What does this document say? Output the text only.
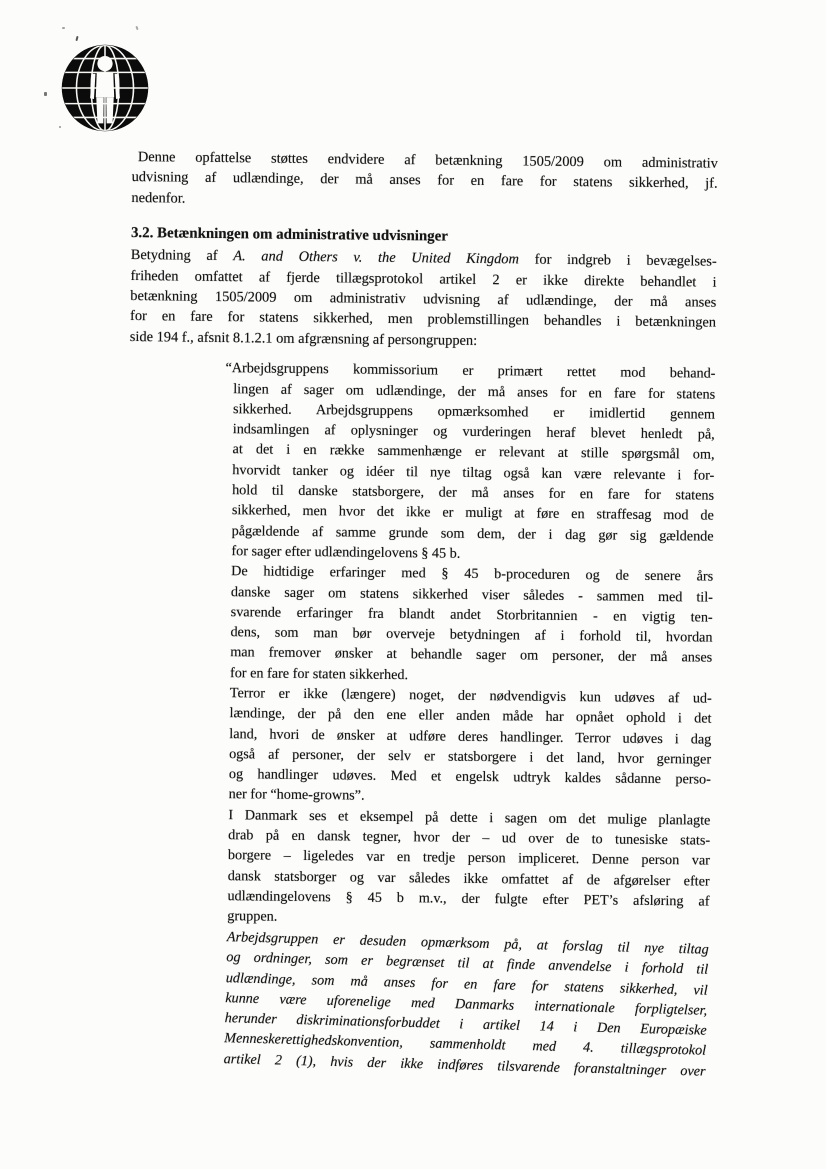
Denne opfattelse støttes endvidere af betænkning 1505/2009 om administrativ
udvisning af udlændinge, der må anses for en fare for statens sikkerhed, jf.
nedenfor.
3.2. Betænkningen om administrative udvisninger
Betydning af A. and Others v. the United Kingdom for indgreb i bevægelses-
friheden omfattet af fjerde tillægsprotokol artikel 2 er ikke direkte behandlet i
betænkning 1505/2009 om administrativ udvisning af udlændinge, der må anses
for en fare for statens sikkerhed, men problemstillingen behandles i betænkningen
side 194 f., afsnit 8.1.2.1 om afgrænsning af persongruppen:
“Arbejdsgruppens kommissorium er primært rettet mod behand-
lingen af sager om udlændinge, der må anses for en fare for statens
sikkerhed. Arbejdsgruppens opmærksomhed er imidlertid gennem
indsamlingen af oplysninger og vurderingen heraf blevet henledt på,
at det i en række sammenhænge er relevant at stille spørgsmål om,
hvorvidt tanker og idéer til nye tiltag også kan være relevante i for-
hold til danske statsborgere, der må anses for en fare for statens
sikkerhed, men hvor det ikke er muligt at føre en straffesag mod de
pågældende af samme grunde som dem, der i dag gør sig gældende
for sager efter udlændingelovens § 45 b.
De hidtidige erfaringer med § 45 b-proceduren og de senere års
danske sager om statens sikkerhed viser således - sammen med til-
svarende erfaringer fra blandt andet Storbritannien - en vigtig ten-
dens, som man bør overveje betydningen af i forhold til, hvordan
man fremover ønsker at behandle sager om personer, der må anses
for en fare for staten sikkerhed.
Terror er ikke (længere) noget, der nødvendigvis kun udøves af ud-
lændinge, der på den ene eller anden måde har opnået ophold i det
land, hvori de ønsker at udføre deres handlinger. Terror udøves i dag
også af personer, der selv er statsborgere i det land, hvor gerninger
og handlinger udøves. Med et engelsk udtryk kaldes sådanne perso-
ner for “home-growns”.
I Danmark ses et eksempel på dette i sagen om det mulige planlagte
drab på en dansk tegner, hvor der – ud over de to tunesiske stats-
borgere – ligeledes var en tredje person impliceret. Denne person var
dansk statsborger og var således ikke omfattet af de afgørelser efter
udlændingelovens § 45 b m.v., der fulgte efter PET’s afsløring af
gruppen.
Arbejdsgruppen er desuden opmærksom på, at forslag til nye tiltag
og ordninger, som er begrænset til at finde anvendelse i forhold til
udlændinge, som må anses for en fare for statens sikkerhed, vil
kunne være uforenelige med Danmarks internationale forpligtelser,
herunder diskriminationsforbuddet i artikel 14 i Den Europæiske
Menneskerettighedskonvention, sammenholdt med 4. tillægsprotokol
artikel 2 (1), hvis der ikke indføres tilsvarende foranstaltninger over
